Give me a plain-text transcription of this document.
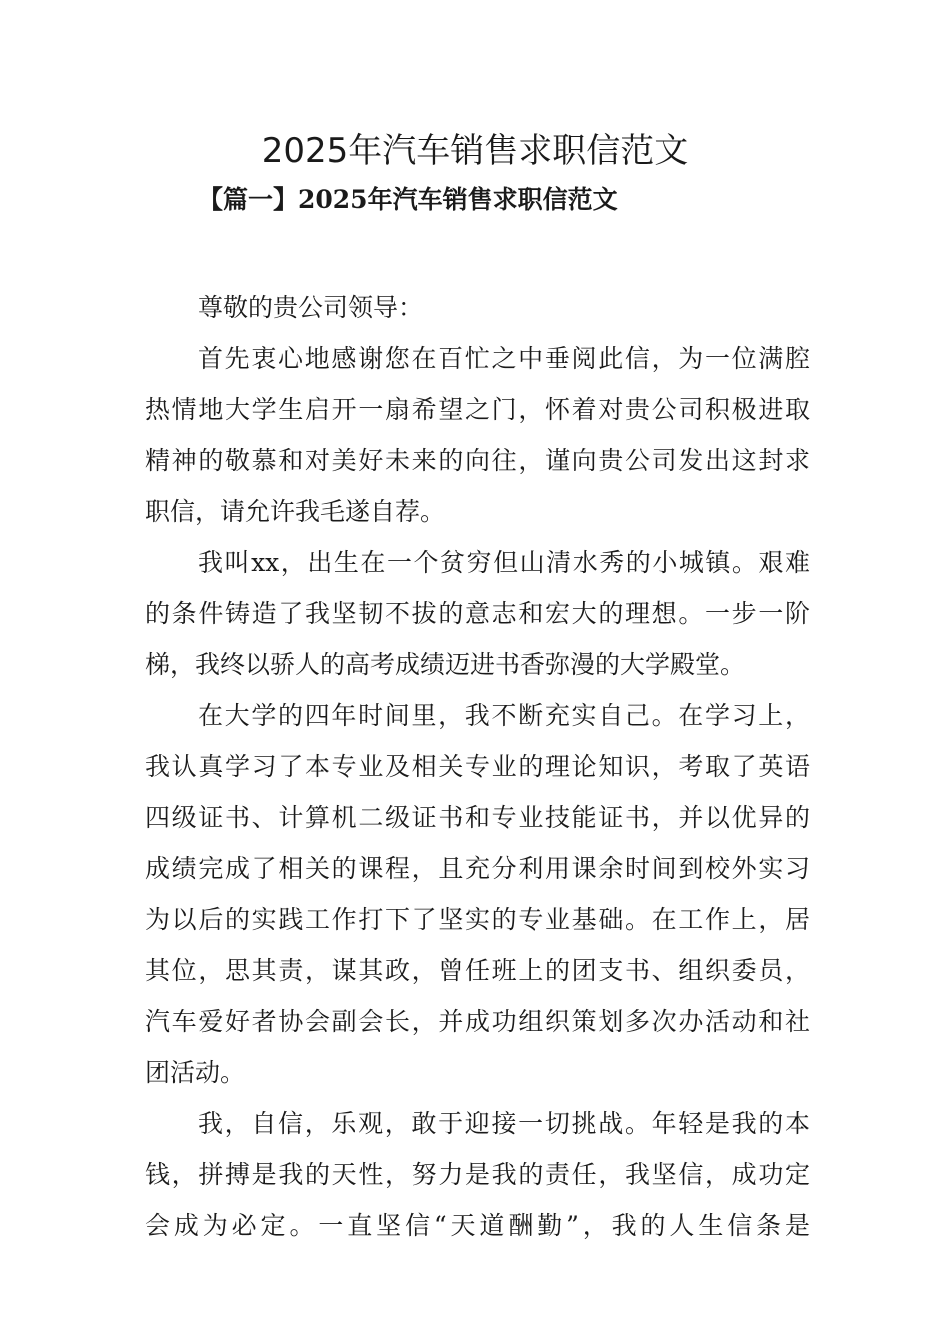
2025年汽车销售求职信范文
【篇一】2025年汽车销售求职信范文
尊敬的贵公司领导：
首先衷心地感谢您在百忙之中垂阅此信，为一位满腔
热情地大学生启开一扇希望之门，怀着对贵公司积极进取
精神的敬慕和对美好未来的向往，谨向贵公司发出这封求
职信，请允许我毛遂自荐。
我叫xx，出生在一个贫穷但山清水秀的小城镇。艰难
的条件铸造了我坚韧不拔的意志和宏大的理想。一步一阶
梯，我终以骄人的高考成绩迈进书香弥漫的大学殿堂。
在大学的四年时间里，我不断充实自己。在学习上，
我认真学习了本专业及相关专业的理论知识，考取了英语
四级证书、计算机二级证书和专业技能证书，并以优异的
成绩完成了相关的课程，且充分利用课余时间到校外实习
为以后的实践工作打下了坚实的专业基础。在工作上，居
其位，思其责，谋其政，曾任班上的团支书、组织委员，
汽车爱好者协会副会长，并成功组织策划多次办活动和社
团活动。
我，自信，乐观，敢于迎接一切挑战。年轻是我的本
钱，拼搏是我的天性，努力是我的责任，我坚信，成功定
会成为必定。一直坚信“天道酬勤”，我的人生信条是
